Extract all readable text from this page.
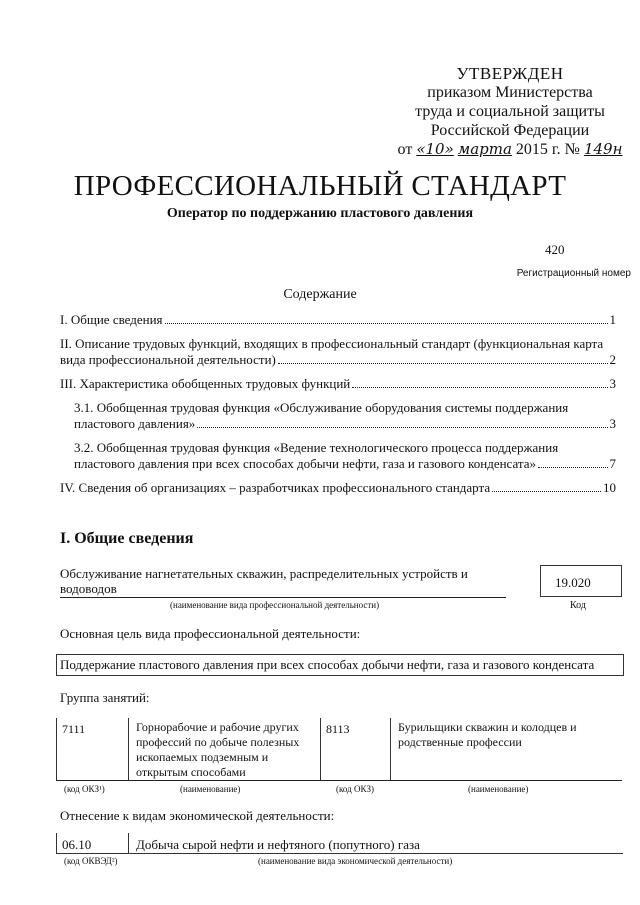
УТВЕРЖДЕН
приказом Министерства
труда и социальной защиты
Российской Федерации
от «10» марта 2015 г. № 149н
ПРОФЕССИОНАЛЬНЫЙ СТАНДАРТ
Оператор по поддержанию пластового давления
420
Регистрационный номер
Содержание
I. Общие сведения	1
II. Описание трудовых функций, входящих в профессиональный стандарт (функциональная карта
вида профессиональной деятельности)	2
III. Характеристика обобщенных трудовых функций	3
3.1. Обобщенная трудовая функция «Обслуживание оборудования системы поддержания
пластового давления»	3
3.2. Обобщенная трудовая функция «Ведение технологического процесса поддержания
пластового давления при всех способах добычи нефти, газа и газового конденсата»	7
IV. Сведения об организациях – разработчиках профессионального стандарта	10
I. Общие сведения
Обслуживание нагнетательных скважин, распределительных устройств и водоводов
(наименование вида профессиональной деятельности)
19.020
Код
Основная цель вида профессиональной деятельности:
Поддержание пластового давления при всех способах добычи нефти, газа и газового конденсата
Группа занятий:
7111	Горнорабочие и рабочие других профессий по добыче полезных ископаемых подземным и открытым способами
8113	Бурильщики скважин и колодцев и родственные профессии
(код ОКЗ¹)	(наименование)	(код ОКЗ)	(наименование)
Отнесение к видам экономической деятельности:
06.10	Добыча сырой нефти и нефтяного (попутного) газа
(код ОКВЭД²)	(наименование вида экономической деятельности)
